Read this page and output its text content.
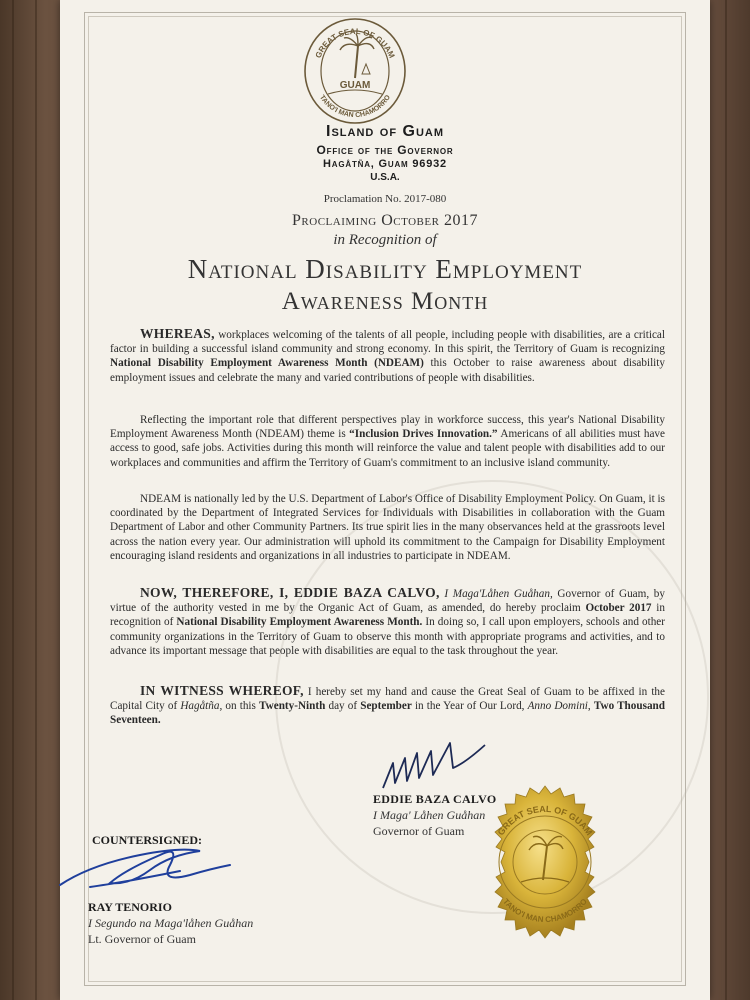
GREAT SEAL OF GUAM
TANO'I MAN CHAMORRO
GUAM
Island of Guam
Office of the Governor
Hagåtña, Guam 96932
U.S.A.
Proclamation No. 2017-080
Proclaiming October 2017
in Recognition of
National Disability Employment
Awareness Month

WHEREAS, workplaces welcoming of the talents of all people, including people with disabilities, are a critical factor in building a successful island community and strong economy. In this spirit, the Territory of Guam is recognizing National Disability Employment Awareness Month (NDEAM) this October to raise awareness about disability employment issues and celebrate the many and varied contributions of people with disabilities.

Reflecting the important role that different perspectives play in workforce success, this year's National Disability Employment Awareness Month (NDEAM) theme is “Inclusion Drives Innovation.” Americans of all abilities must have access to good, safe jobs. Activities during this month will reinforce the value and talent people with disabilities add to our workplaces and communities and affirm the Territory of Guam's commitment to an inclusive island community.

NDEAM is nationally led by the U.S. Department of Labor's Office of Disability Employment Policy. On Guam, it is coordinated by the Department of Integrated Services for Individuals with Disabilities in collaboration with the Guam Department of Labor and other Community Partners. Its true spirit lies in the many observances held at the grassroots level across the nation every year. Our administration will uphold its commitment to the Campaign for Disability Employment encouraging island residents and organizations in all industries to participate in NDEAM.

NOW, THEREFORE, I, EDDIE BAZA CALVO, I Maga'Låhen Guåhan, Governor of Guam, by virtue of the authority vested in me by the Organic Act of Guam, as amended, do hereby proclaim October 2017 in recognition of National Disability Employment Awareness Month. In doing so, I call upon employers, schools and other community organizations in the Territory of Guam to observe this month with appropriate programs and activities, and to advance its important message that people with disabilities are equal to the task throughout the year.

IN WITNESS WHEREOF, I hereby set my hand and cause the Great Seal of Guam to be affixed in the Capital City of Hagåtña, on this Twenty-Ninth day of September in the Year of Our Lord, Anno Domini, Two Thousand Seventeen.

EDDIE BAZA CALVO
I Maga' Låhen Guåhan
Governor of Guam
COUNTERSIGNED:
RAY TENORIO
I Segundo na Maga'låhen Guåhan
Lt. Governor of Guam
GREAT SEAL OF GUAM
TANO'I MAN CHAMORRO
